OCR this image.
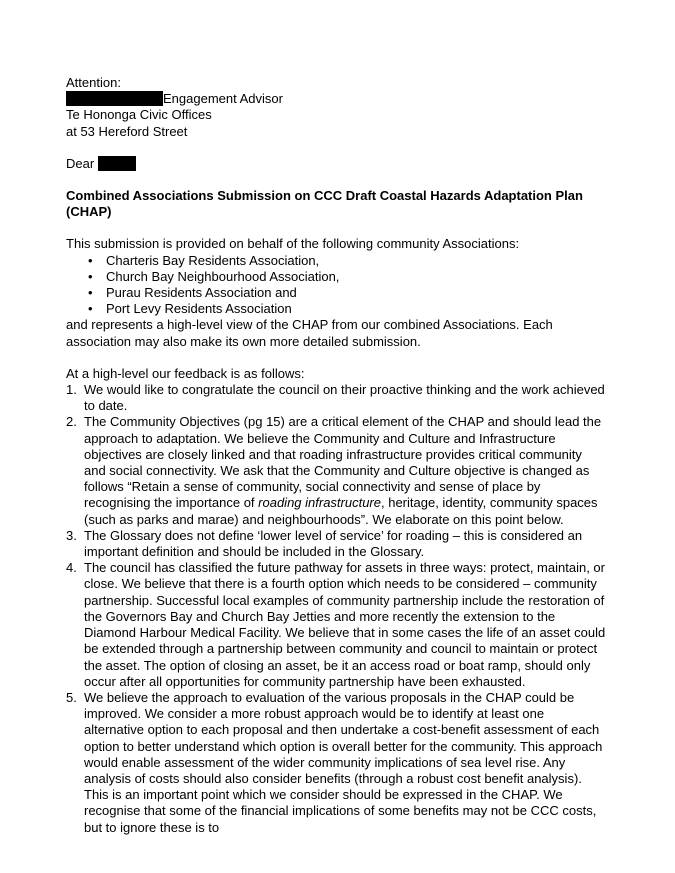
Attention:

Engagement Advisor

Te Hononga Civic Offices

at 53 Hereford Street

Dear

Combined Associations Submission on CCC Draft Coastal Hazards Adaptation Plan (CHAP)

This submission is provided on behalf of the following community Associations:

• Charteris Bay Residents Association,
• Church Bay Neighbourhood Association,
• Purau Residents Association and
• Port Levy Residents Association

and represents a high-level view of the CHAP from our combined Associations. Each association may also make its own more detailed submission.

At a high-level our feedback is as follows:

1. We would like to congratulate the council on their proactive thinking and the work achieved to date.
2. The Community Objectives (pg 15) are a critical element of the CHAP and should lead the approach to adaptation. We believe the Community and Culture and Infrastructure objectives are closely linked and that roading infrastructure provides critical community and social connectivity. We ask that the Community and Culture objective is changed as follows “Retain a sense of community, social connectivity and sense of place by recognising the importance of roading infrastructure, heritage, identity, community spaces (such as parks and marae) and neighbourhoods”. We elaborate on this point below.
3. The Glossary does not define ‘lower level of service’ for roading – this is considered an important definition and should be included in the Glossary.
4. The council has classified the future pathway for assets in three ways: protect, maintain, or close. We believe that there is a fourth option which needs to be considered – community partnership. Successful local examples of community partnership include the restoration of the Governors Bay and Church Bay Jetties and more recently the extension to the Diamond Harbour Medical Facility. We believe that in some cases the life of an asset could be extended through a partnership between community and council to maintain or protect the asset. The option of closing an asset, be it an access road or boat ramp, should only occur after all opportunities for community partnership have been exhausted.
5. We believe the approach to evaluation of the various proposals in the CHAP could be improved. We consider a more robust approach would be to identify at least one alternative option to each proposal and then undertake a cost-benefit assessment of each option to better understand which option is overall better for the community. This approach would enable assessment of the wider community implications of sea level rise. Any analysis of costs should also consider benefits (through a robust cost benefit analysis). This is an important point which we consider should be expressed in the CHAP. We recognise that some of the financial implications of some benefits may not be CCC costs, but to ignore these is to
